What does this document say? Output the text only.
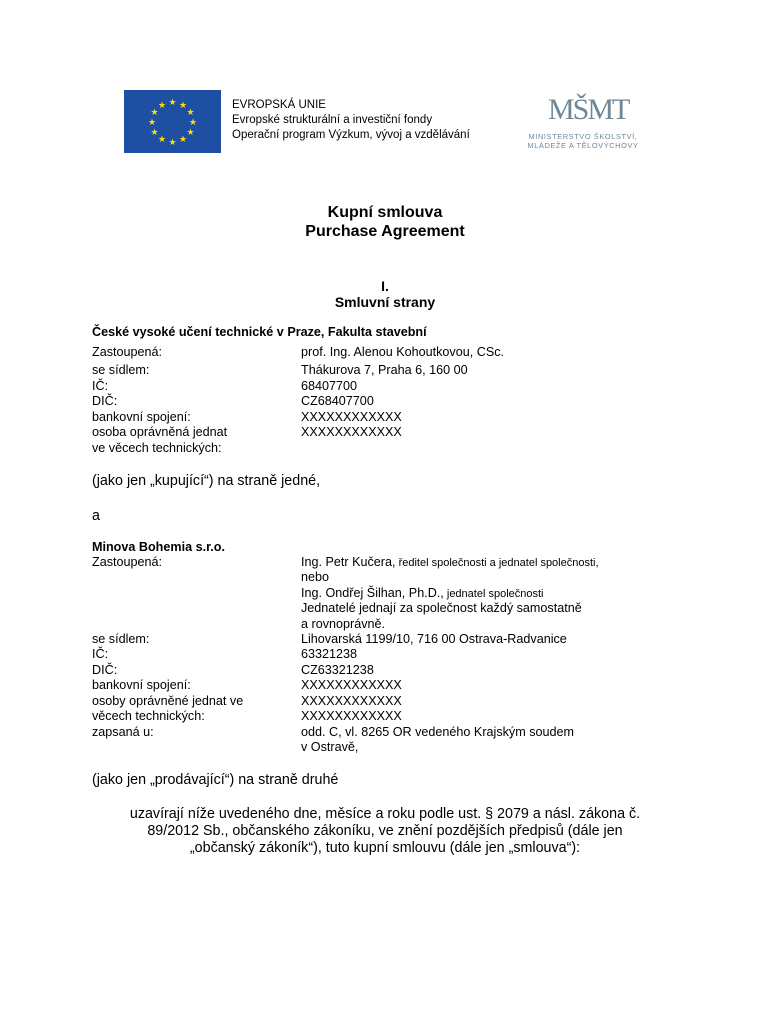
★ ★
★
★
★
★
★
★
★
★
★
★	EVROPSKÁ UNIE
Evropské strukturální a investiční fondy
Operační program Výzkum, vývoj a vzdělávání
MŠMT
MINISTERSTVO ŠKOLSTVÍ,
MLÁDEŽE A TĚLOVÝCHOVY
Kupní smlouva
Purchase Agreement
I.
Smluvní strany
České vysoké učení technické v Praze, Fakulta stavební
Zastoupená:	prof. Ing. Alenou Kohoutkovou, CSc.
se sídlem:	Thákurova 7, Praha 6, 160 00
IČ:	68407700
DIČ:	CZ68407700
bankovní spojení:	XXXXXXXXXXXX
osoba oprávněná jednat	XXXXXXXXXXXX
ve věcech technických:
(jako jen „kupující“) na straně jedné,
a
Minova Bohemia s.r.o.
Zastoupená:	Ing. Petr Kučera, ředitel společnosti a jednatel společnosti,
nebo
Ing. Ondřej Šilhan, Ph.D., jednatel společnosti
Jednatelé jednají za společnost každý samostatně
a rovnoprávně.
se sídlem:	Lihovarská 1199/10, 716 00 Ostrava-Radvanice
IČ:	63321238
DIČ:	CZ63321238
bankovní spojení:	XXXXXXXXXXXX
osoby oprávněné jednat ve	XXXXXXXXXXXX
věcech technických:	XXXXXXXXXXXX
zapsaná u:	odd. C, vl. 8265 OR vedeného Krajským soudem
v Ostravě,
(jako jen „prodávající“) na straně druhé
uzavírají níže uvedeného dne, měsíce a roku podle ust. § 2079 a násl. zákona č.
89/2012 Sb., občanského zákoníku, ve znění pozdějších předpisů (dále jen
„občanský zákoník“), tuto kupní smlouvu (dále jen „smlouva“):
